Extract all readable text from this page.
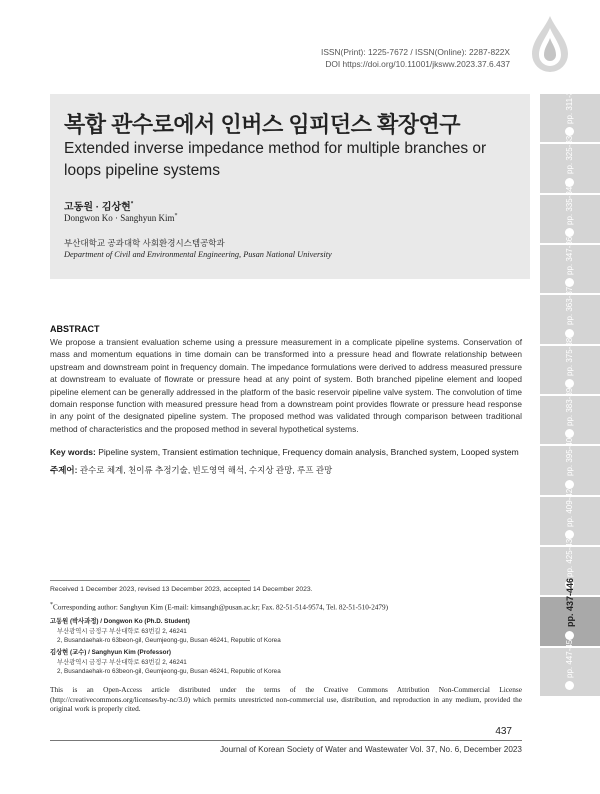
ISSN(Print): 1225-7672 / ISSN(Online): 2287-822X
DOI https://doi.org/10.11001/jksww.2023.37.6.437
복합 관수로에서 인버스 임피던스 확장연구
Extended inverse impedance method for multiple branches or loops pipeline systems
고동원 · 김상현*
Dongwon Ko · Sanghyun Kim*
부산대학교 공과대학 사회환경시스템공학과
Department of Civil and Environmental Engineering, Pusan National University
pp. 311-324
pp. 325-334
pp. 335-345
pp. 347-361
pp. 363-373
pp. 375-382
pp. 383-394
pp. 395-408
pp. 409-423
pp. 425-435
pp. 437-446
pp. 447-456
ABSTRACT
We propose a transient evaluation scheme using a pressure measurement in a complicate pipeline systems. Conservation of mass and momentum equations in time domain can be transformed into a pressure head and flowrate relationship between upstream and downstream point in frequency domain. The impedance formulations were derived to address measured pressure at downstream to evaluate of flowrate or pressure head at any point of system. Both branched pipeline element and looped pipeline element can be generally addressed in the platform of the basic reservoir pipeline valve system. The convolution of time domain response function with measured pressure head from a downstream point provides flowrate or pressure head response in any point of the designated pipeline system. The proposed method was validated through comparison between traditional method of characteristics and the proposed method in several hypothetical systems.
Key words: Pipeline system, Transient estimation technique, Frequency domain analysis, Branched system, Looped system
주제어: 관수로 체계, 천이류 추정기술, 빈도영역 해석, 수지상 관망, 루프 관망
Received 1 December 2023, revised 13 December 2023, accepted 14 December 2023.
*Corresponding author: Sanghyun Kim (E-mail: kimsangh@pusan.ac.kr; Fax. 82-51-514-9574, Tel. 82-51-510-2479)
고동원 (박사과정) / Dongwon Ko (Ph.D. Student)
부산광역시 금정구 부산대학로 63번길 2, 46241
2, Busandaehak-ro 63beon-gil, Geumjeong-gu, Busan 46241, Republic of Korea
김상현 (교수) / Sanghyun Kim (Professor)
부산광역시 금정구 부산대학로 63번길 2, 46241
2, Busandaehak-ro 63beon-gil, Geumjeong-gu, Busan 46241, Republic of Korea
This is an Open-Access article distributed under the terms of the Creative Commons Attribution Non-Commercial License (http://creativecommons.org/licenses/by-nc/3.0) which permits unrestricted non-commercial use, distribution, and reproduction in any medium, provided the original work is properly cited.
437
Journal of Korean Society of Water and Wastewater Vol. 37, No. 6, December 2023
